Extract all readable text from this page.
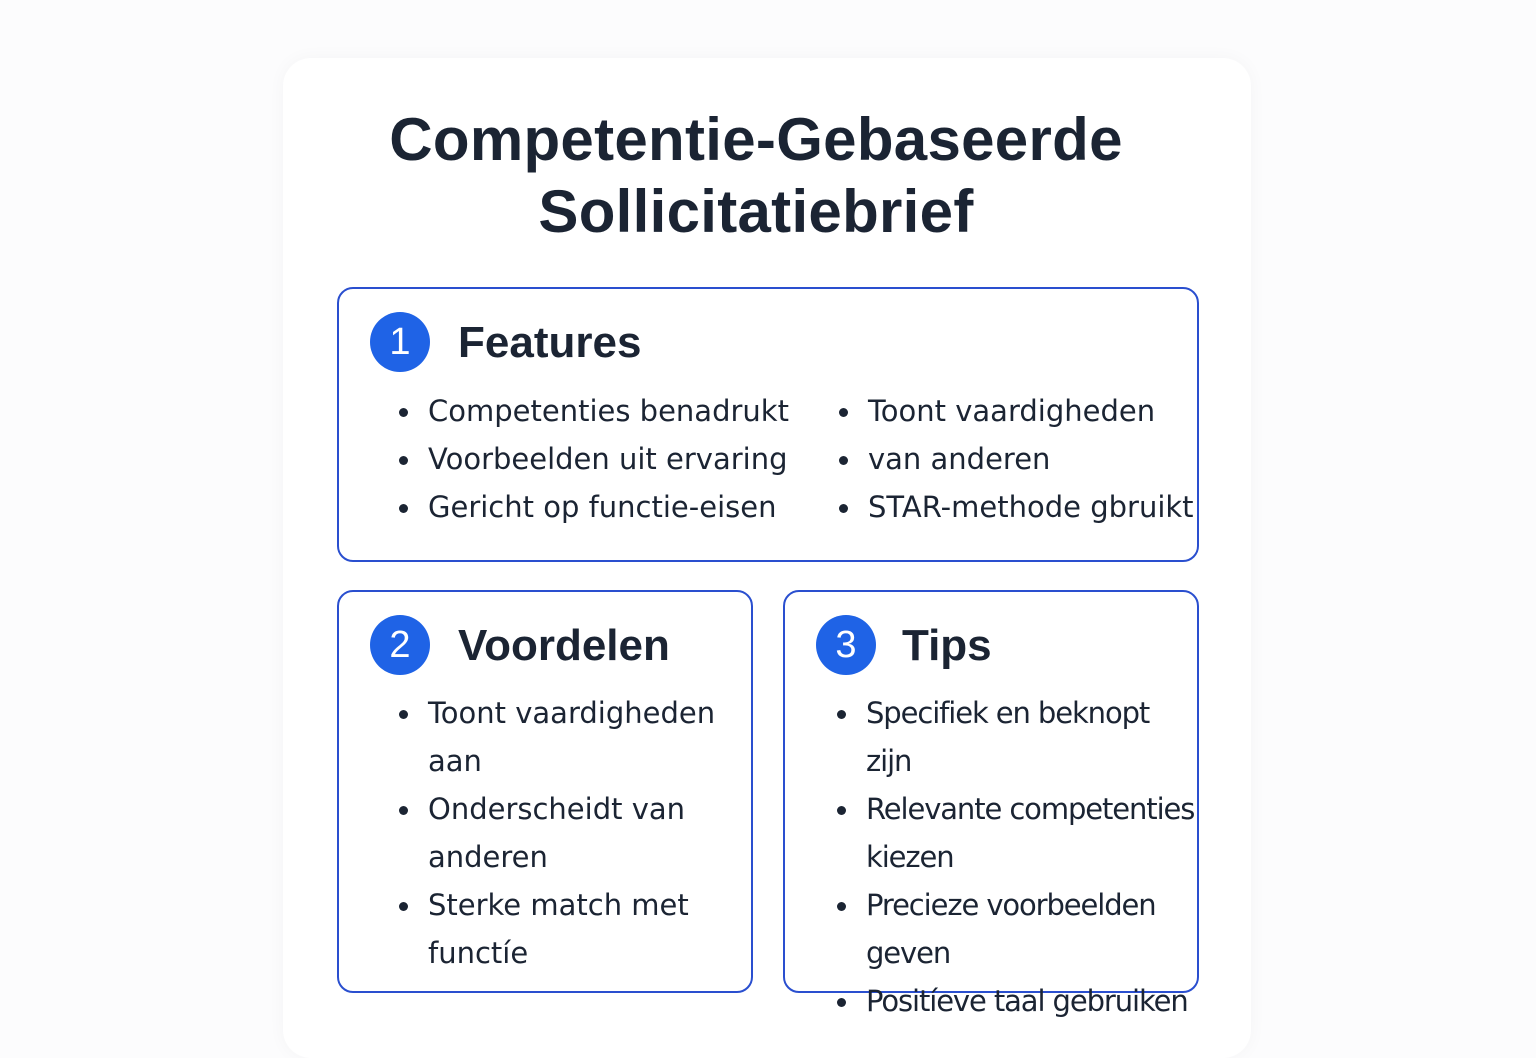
Competentie-Gebaseerde
Sollicitatiebrief
1	Features
Competenties benadrukt
Voorbeelden uit ervaring
Gericht op functie-eisen
Toont vaardigheden
van anderen
STAR-methode gbruikt
2	Voordelen
Toont vaardigheden aan
Onderscheidt van anderen
Sterke match met functíe
3	Tips
Specifiek en beknopt zijn
Relevante competenties kiezen
Precieze voorbeelden geven
Positíeve taal gebruiken
